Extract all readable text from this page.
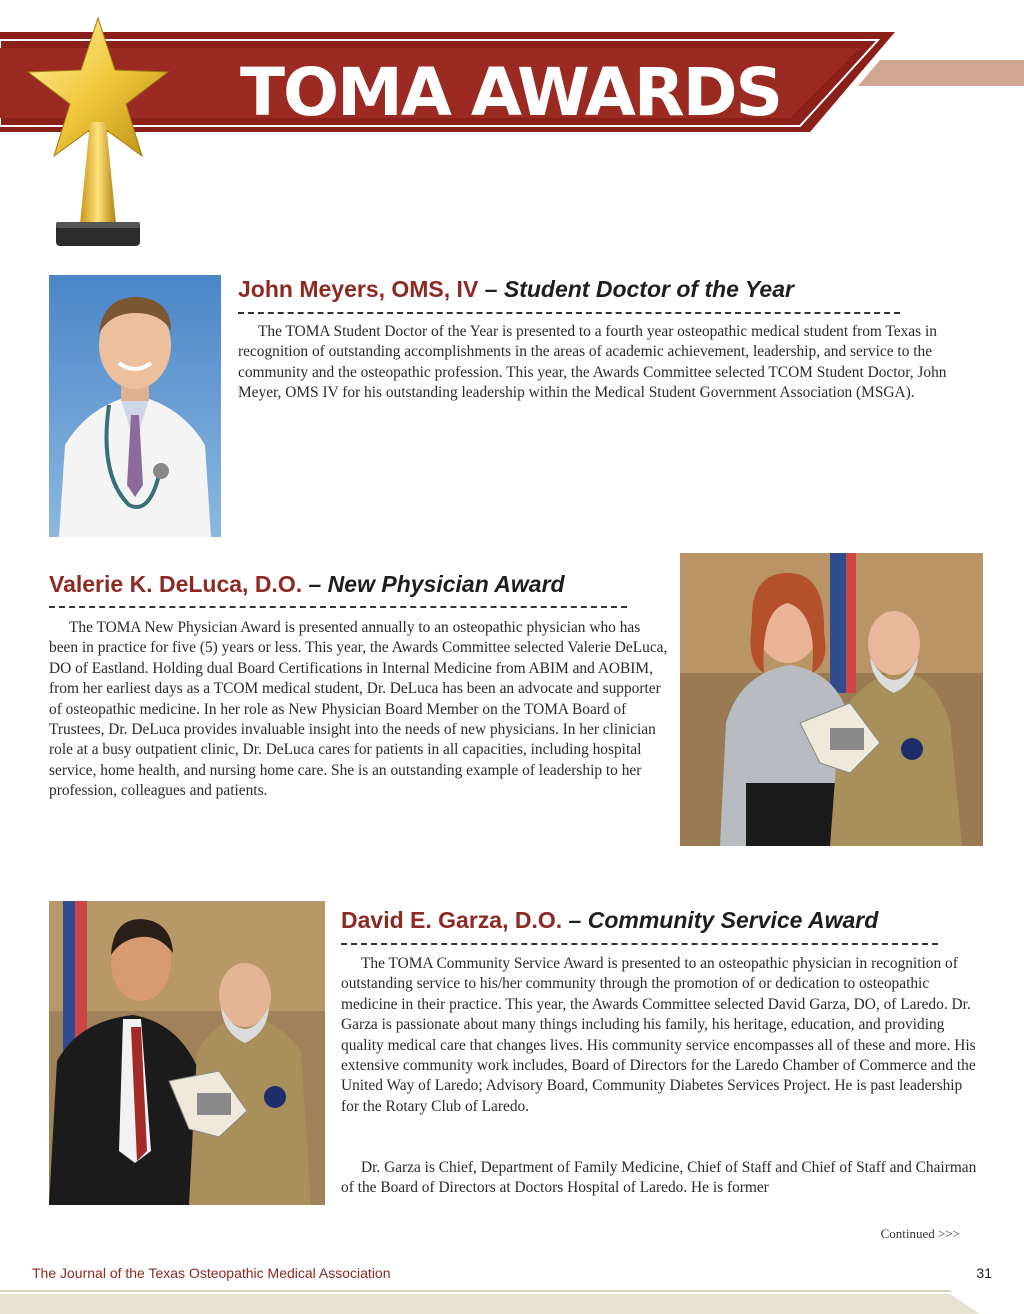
TOMA AWARDS
John Meyers, OMS, IV – Student Doctor of the Year

The TOMA Student Doctor of the Year is presented to a fourth year osteopathic medical student from Texas in recognition of outstanding accomplishments in the areas of academic achievement, leadership, and service to the community and the osteopathic profession. This year, the Awards Committee selected TCOM Student Doctor, John Meyer, OMS IV for his outstanding leadership within the Medical Student Government Association (MSGA).

Valerie K. DeLuca, D.O. – New Physician Award

The TOMA New Physician Award is presented annually to an osteopathic physician who has been in practice for five (5) years or less. This year, the Awards Committee selected Valerie DeLuca, DO of Eastland. Holding dual Board Certifications in Internal Medicine from ABIM and AOBIM, from her earliest days as a TCOM medical student, Dr. DeLuca has been an advocate and supporter of osteopathic medicine. In her role as New Physician Board Member on the TOMA Board of Trustees, Dr. DeLuca provides invaluable insight into the needs of new physicians. In her clinician role at a busy outpatient clinic, Dr. DeLuca cares for patients in all capacities, including hospital service, home health, and nursing home care. She is an outstanding example of leadership to her profession, colleagues and patients.

David E. Garza, D.O. – Community Service Award

The TOMA Community Service Award is presented to an osteopathic physician in recognition of outstanding service to his/her community through the promotion of or dedication to osteopathic medicine in their practice. This year, the Awards Committee selected David Garza, DO, of Laredo. Dr. Garza is passionate about many things including his family, his heritage, education, and providing quality medical care that changes lives. His community service encompasses all of these and more. His extensive community work includes, Board of Directors for the Laredo Chamber of Commerce and the United Way of Laredo; Advisory Board, Community Diabetes Services Project. He is past leadership for the Rotary Club of Laredo.

Dr. Garza is Chief, Department of Family Medicine, Chief of Staff and Chief of Staff and Chairman of the Board of Directors at Doctors Hospital of Laredo. He is former

Continued >>>
The Journal of the Texas Osteopathic Medical Association	31
